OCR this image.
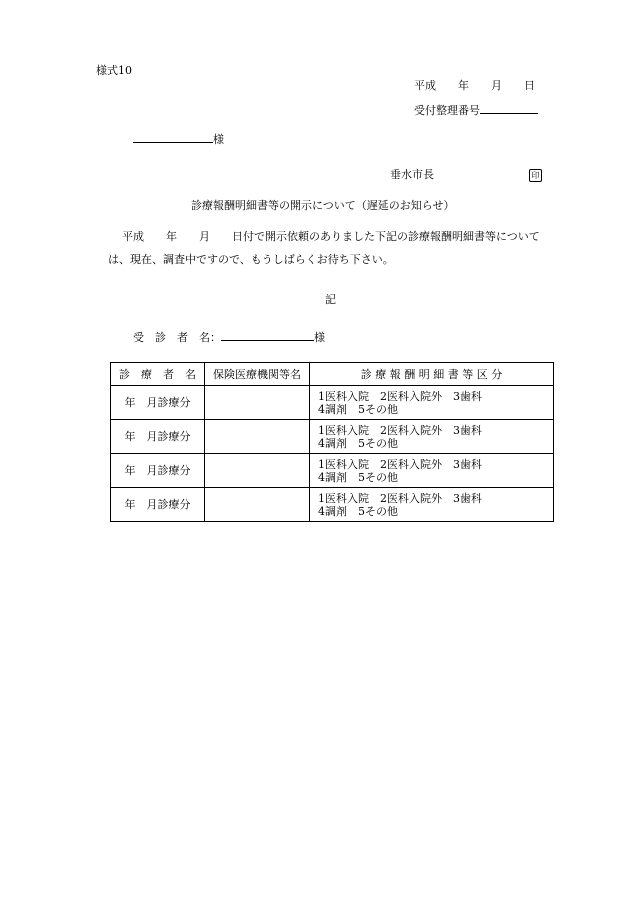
様式10
平成　　年　　月　　日
受付整理番号
様
垂水市長	印
診療報酬明細書等の開示について（遅延のお知らせ）
平成　　年　　月　　日付で開示依頼のありました下記の診療報酬明細書等について
は、現在、調査中ですので、もうしばらくお待ち下さい。
記
受　診　者　名：	様
診　療　者　名	保険医療機関等名	診 療 報 酬 明 細 書 等 区 分
年　月診療分		1医科入院　2医科入院外　3歯科
4調剤　5その他

年　月診療分		1医科入院　2医科入院外　3歯科
4調剤　5その他

年　月診療分		1医科入院　2医科入院外　3歯科
4調剤　5その他

年　月診療分		1医科入院　2医科入院外　3歯科
4調剤　5その他
